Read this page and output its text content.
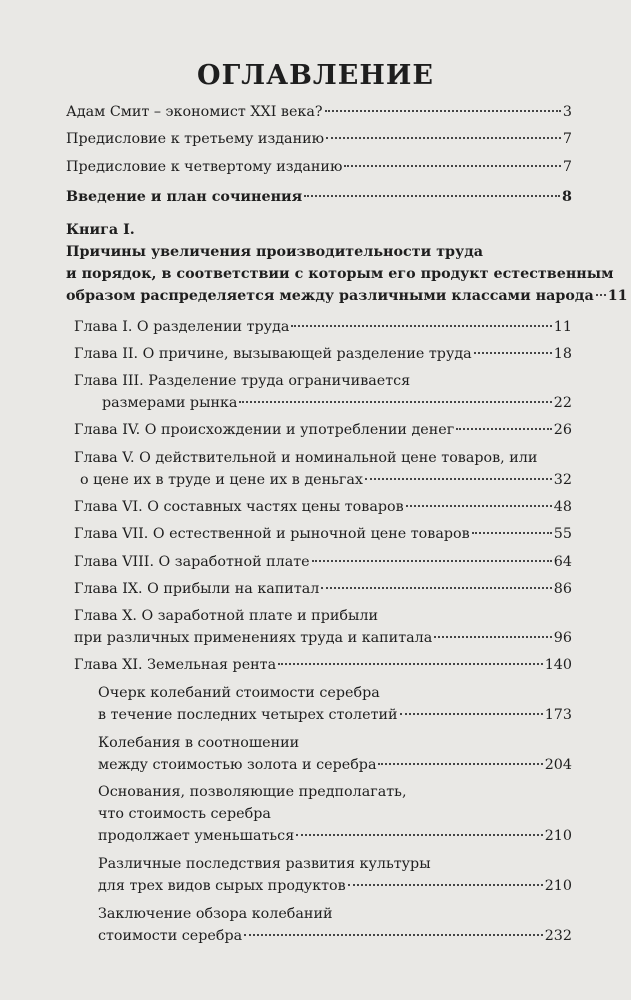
ОГЛАВЛЕНИЕ
Адам Смит – экономист XXI века?	3
Предисловие к третьему изданию	7
Предисловие к четвертому изданию	7
Введение и план сочинения	8
Книга I.
Причины увеличения производительности труда
и порядок, в соответствии с которым его продукт естественным
образом распределяется между различными классами народа 11
Глава I. О разделении труда	11
Глава II. О причине, вызывающей разделение труда	18
Глава III. Разделение труда ограничивается
размерами рынка	22
Глава IV. О происхождении и употреблении денег	26
Глава V. О действительной и номинальной цене товаров, или
о цене их в труде и цене их в деньгах	32
Глава VI. О составных частях цены товаров	48
Глава VII. О естественной и рыночной цене товаров	55
Глава VIII. О заработной плате	64
Глава IX. О прибыли на капитал	86
Глава X. О заработной плате и прибыли
при различных применениях труда и капитала	96
Глава XI. Земельная рента	140
Очерк колебаний стоимости серебра
в течение последних четырех столетий	173
Колебания в соотношении
между стоимостью золота и серебра	204
Основания, позволяющие предполагать,
что стоимость серебра
продолжает уменьшаться	210
Различные последствия развития культуры
для трех видов сырых продуктов	210
Заключение обзора колебаний
стоимости серебра	232
